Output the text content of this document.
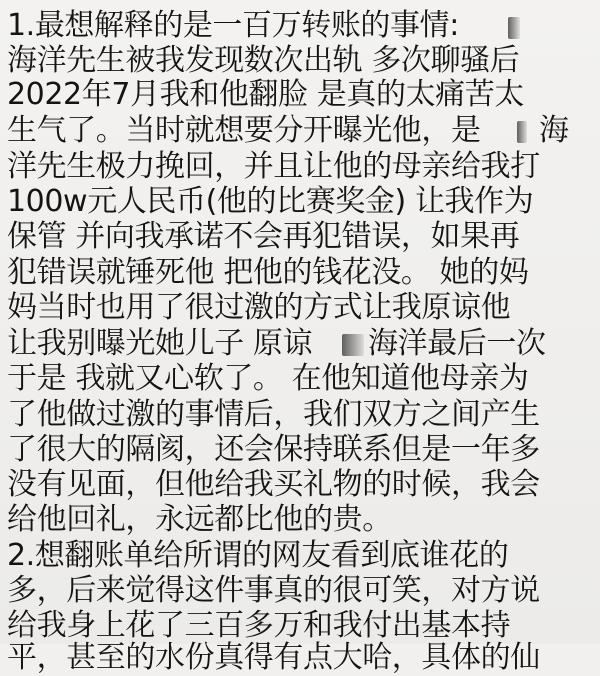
1.最想解释的是一百万转账的事情:
海洋先生被我发现数次出轨 多次聊骚后
2022年7月我和他翻脸 是真的太痛苦太
生气了。当时就想要分开曝光他，是 海
洋先生极力挽回，并且让他的母亲给我打
100w元人民币(他的比赛奖金) 让我作为
保管 并向我承诺不会再犯错误，如果再
犯错误就锤死他 把他的钱花没。 她的妈
妈当时也用了很过激的方式让我原谅他
让我别曝光她儿子 原谅 海洋最后一次
于是 我就又心软了。 在他知道他母亲为
了他做过激的事情后，我们双方之间产生
了很大的隔阂，还会保持联系但是一年多
没有见面，但他给我买礼物的时候，我会
给他回礼，永远都比他的贵。
2.想翻账单给所谓的网友看到底谁花的
多，后来觉得这件事真的很可笑，对方说
给我身上花了三百多万和我付出基本持
平，甚至的水份真得有点大哈，具体的仙
